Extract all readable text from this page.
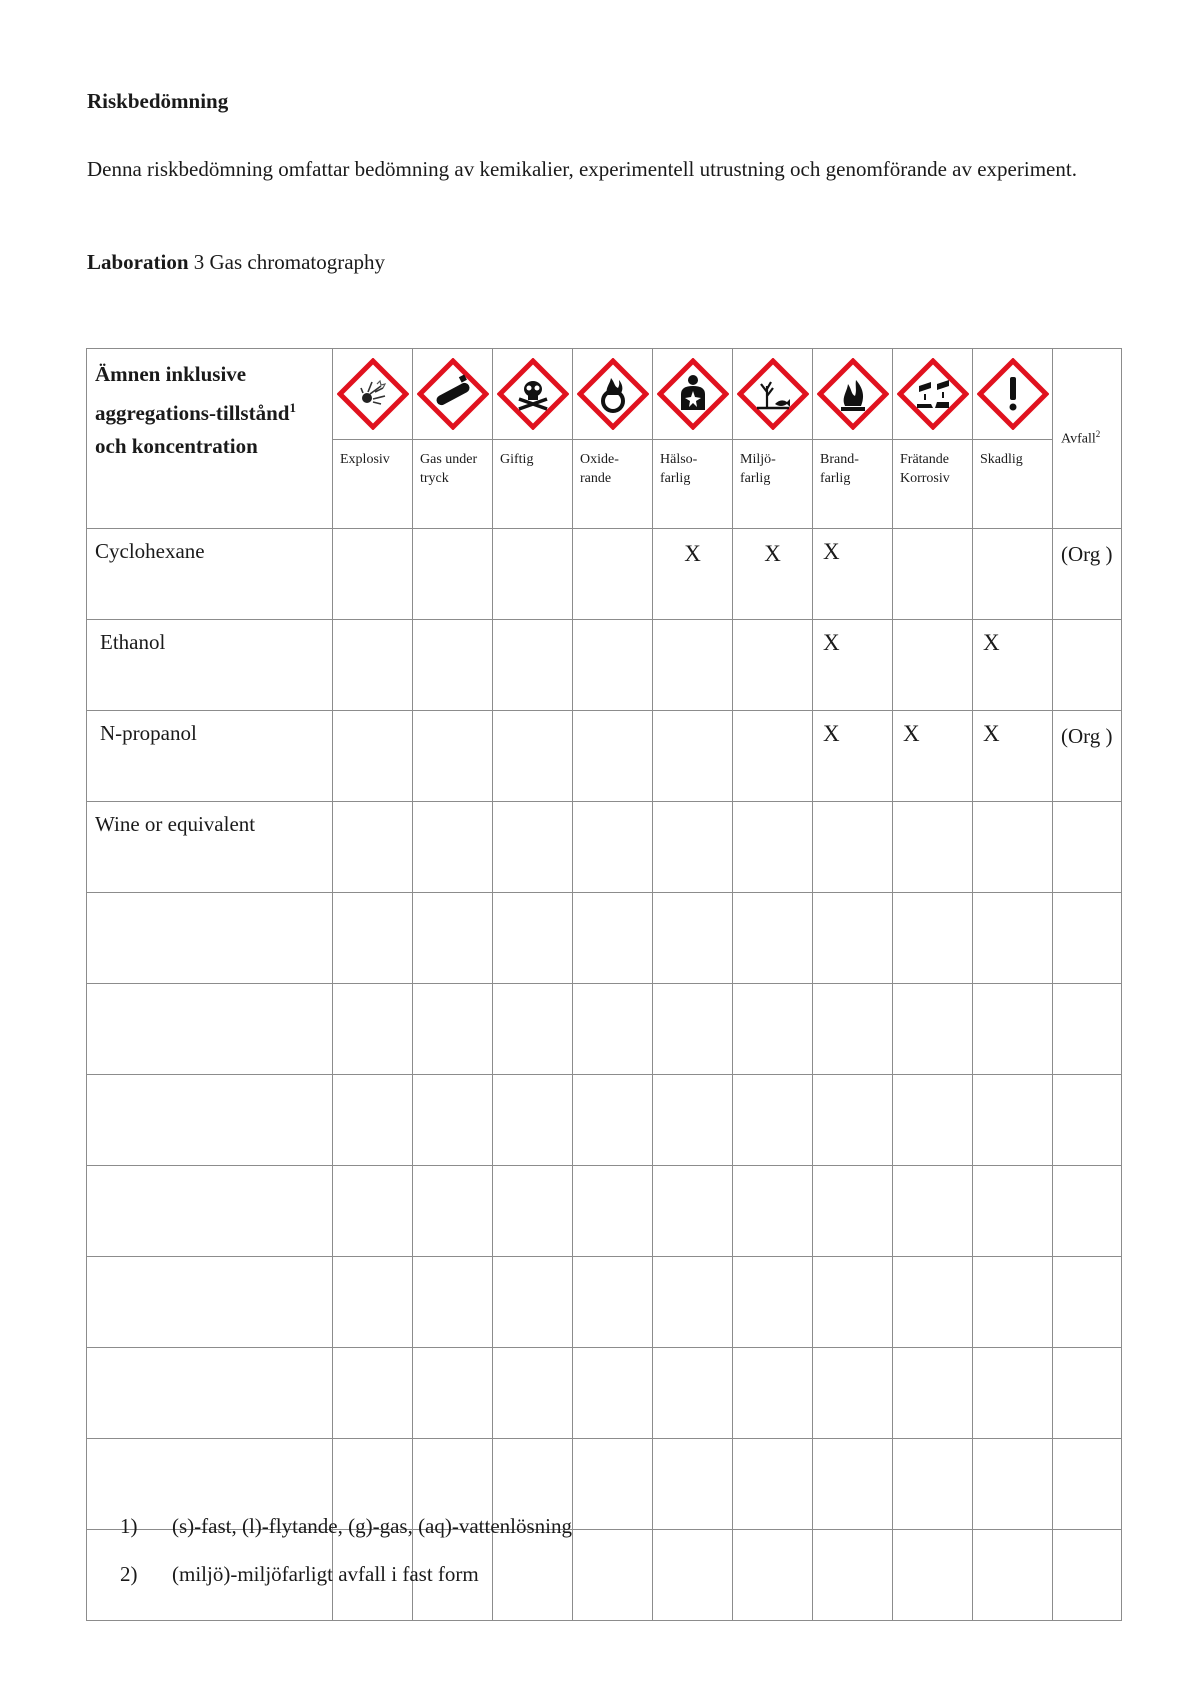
Riskbedömning
Denna riskbedömning omfattar bedömning av kemikalier, experimentell utrustning och genomförande av experiment.
Laboration 3 Gas chromatography
Ämnen inklusive aggregations-tillstånd$^1$ och koncentration										Avfall$^2$
	Explosiv	Gas under tryck	Giftig	Oxide-rande	Hälso-farlig	Miljö-farlig	Brand-farlig	Frätande Korrosiv	Skadlig	
Cyclohexane					X	X	X			(Org )
Ethanol							X		X	
N-propanol							X	X	X	(Org )
Wine or equivalent										

1) (s)-fast, (l)-flytande, (g)-gas, (aq)-vattenlösning
2) (miljö)-miljöfarligt avfall i fast form
